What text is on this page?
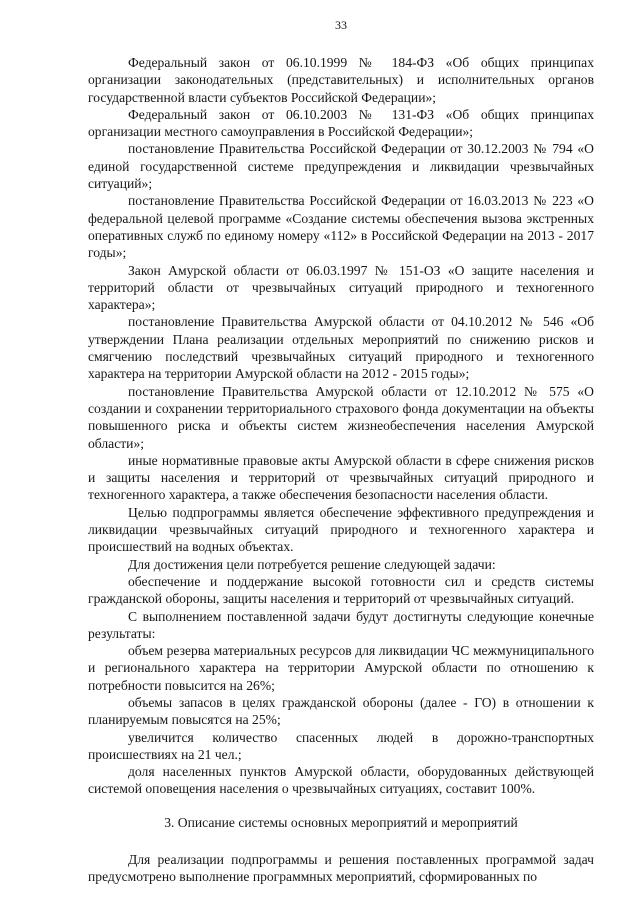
33

Федеральный закон от 06.10.1999 № 184-ФЗ «Об общих принципах организации законодательных (представительных) и исполнительных органов государственной власти субъектов Российской Федерации»;

Федеральный закон от 06.10.2003 № 131-ФЗ «Об общих принципах организации местного самоуправления в Российской Федерации»;

постановление Правительства Российской Федерации от 30.12.2003 № 794 «О единой государственной системе предупреждения и ликвидации чрезвычайных ситуаций»;

постановление Правительства Российской Федерации от 16.03.2013 № 223 «О федеральной целевой программе «Создание системы обеспечения вызова экстренных оперативных служб по единому номеру «112» в Российской Федерации на 2013 - 2017 годы»;

Закон Амурской области от 06.03.1997 № 151-ОЗ «О защите населения и территорий области от чрезвычайных ситуаций природного и техногенного характера»;

постановление Правительства Амурской области от 04.10.2012 № 546 «Об утверждении Плана реализации отдельных мероприятий по снижению рисков и смягчению последствий чрезвычайных ситуаций природного и техногенного характера на территории Амурской области на 2012 - 2015 годы»;

постановление Правительства Амурской области от 12.10.2012 № 575 «О создании и сохранении территориального страхового фонда документации на объекты повышенного риска и объекты систем жизнеобеспечения населения Амурской области»;

иные нормативные правовые акты Амурской области в сфере снижения рисков и защиты населения и территорий от чрезвычайных ситуаций природного и техногенного характера, а также обеспечения безопасности населения области.

Целью подпрограммы является обеспечение эффективного предупреждения и ликвидации чрезвычайных ситуаций природного и техногенного характера и происшествий на водных объектах.

Для достижения цели потребуется решение следующей задачи:

обеспечение и поддержание высокой готовности сил и средств системы гражданской обороны, защиты населения и территорий от чрезвычайных ситуаций.

С выполнением поставленной задачи будут достигнуты следующие конечные результаты:

объем резерва материальных ресурсов для ликвидации ЧС межмуниципального и регионального характера на территории Амурской области по отношению к потребности повысится на 26%;

объемы запасов в целях гражданской обороны (далее - ГО) в отношении к планируемым повысятся на 25%;

увеличится количество спасенных людей в дорожно-транспортных происшествиях на 21 чел.;

доля населенных пунктов Амурской области, оборудованных действующей системой оповещения населения о чрезвычайных ситуациях, составит 100%.

3. Описание системы основных мероприятий и мероприятий

Для реализации подпрограммы и решения поставленных программой задач предусмотрено выполнение программных мероприятий, сформированных по
